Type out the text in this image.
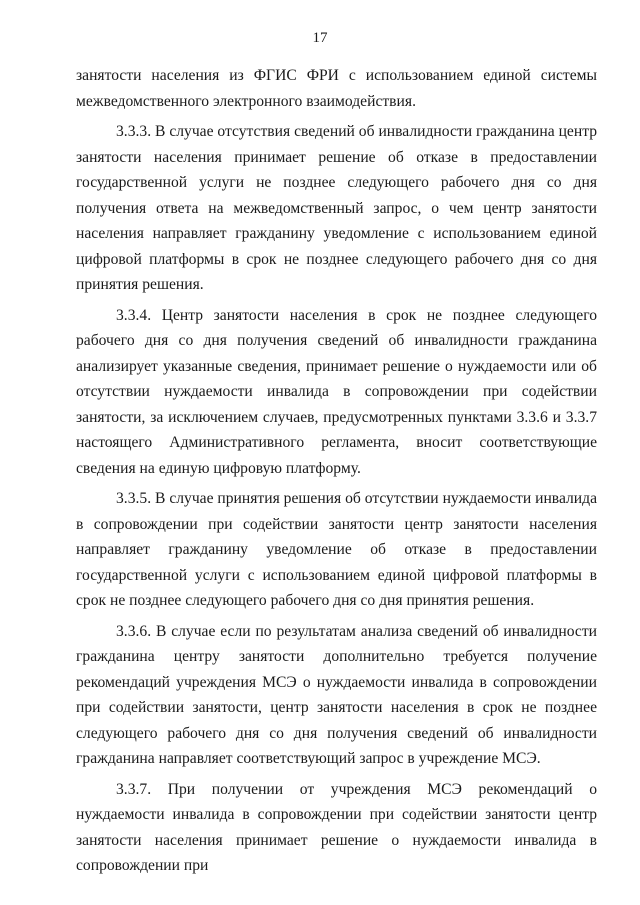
17

занятости населения из ФГИС ФРИ с использованием единой системы межведомственного электронного взаимодействия.

3.3.3. В случае отсутствия сведений об инвалидности гражданина центр занятости населения принимает решение об отказе в предоставлении государственной услуги не позднее следующего рабочего дня со дня получения ответа на межведомственный запрос, о чем центр занятости населения направляет гражданину уведомление с использованием единой цифровой платформы в срок не позднее следующего рабочего дня со дня принятия решения.

3.3.4. Центр занятости населения в срок не позднее следующего рабочего дня со дня получения сведений об инвалидности гражданина анализирует указанные сведения, принимает решение о нуждаемости или об отсутствии нуждаемости инвалида в сопровождении при содействии занятости, за исключением случаев, предусмотренных пунктами 3.3.6 и 3.3.7 настоящего Административного регламента, вносит соответствующие сведения на единую цифровую платформу.

3.3.5. В случае принятия решения об отсутствии нуждаемости инвалида в сопровождении при содействии занятости центр занятости населения направляет гражданину уведомление об отказе в предоставлении государственной услуги с использованием единой цифровой платформы в срок не позднее следующего рабочего дня со дня принятия решения.

3.3.6. В случае если по результатам анализа сведений об инвалидности гражданина центру занятости дополнительно требуется получение рекомендаций учреждения МСЭ о нуждаемости инвалида в сопровождении при содействии занятости, центр занятости населения в срок не позднее следующего рабочего дня со дня получения сведений об инвалидности гражданина направляет соответствующий запрос в учреждение МСЭ.

3.3.7. При получении от учреждения МСЭ рекомендаций о нуждаемости инвалида в сопровождении при содействии занятости центр занятости населения принимает решение о нуждаемости инвалида в сопровождении при
